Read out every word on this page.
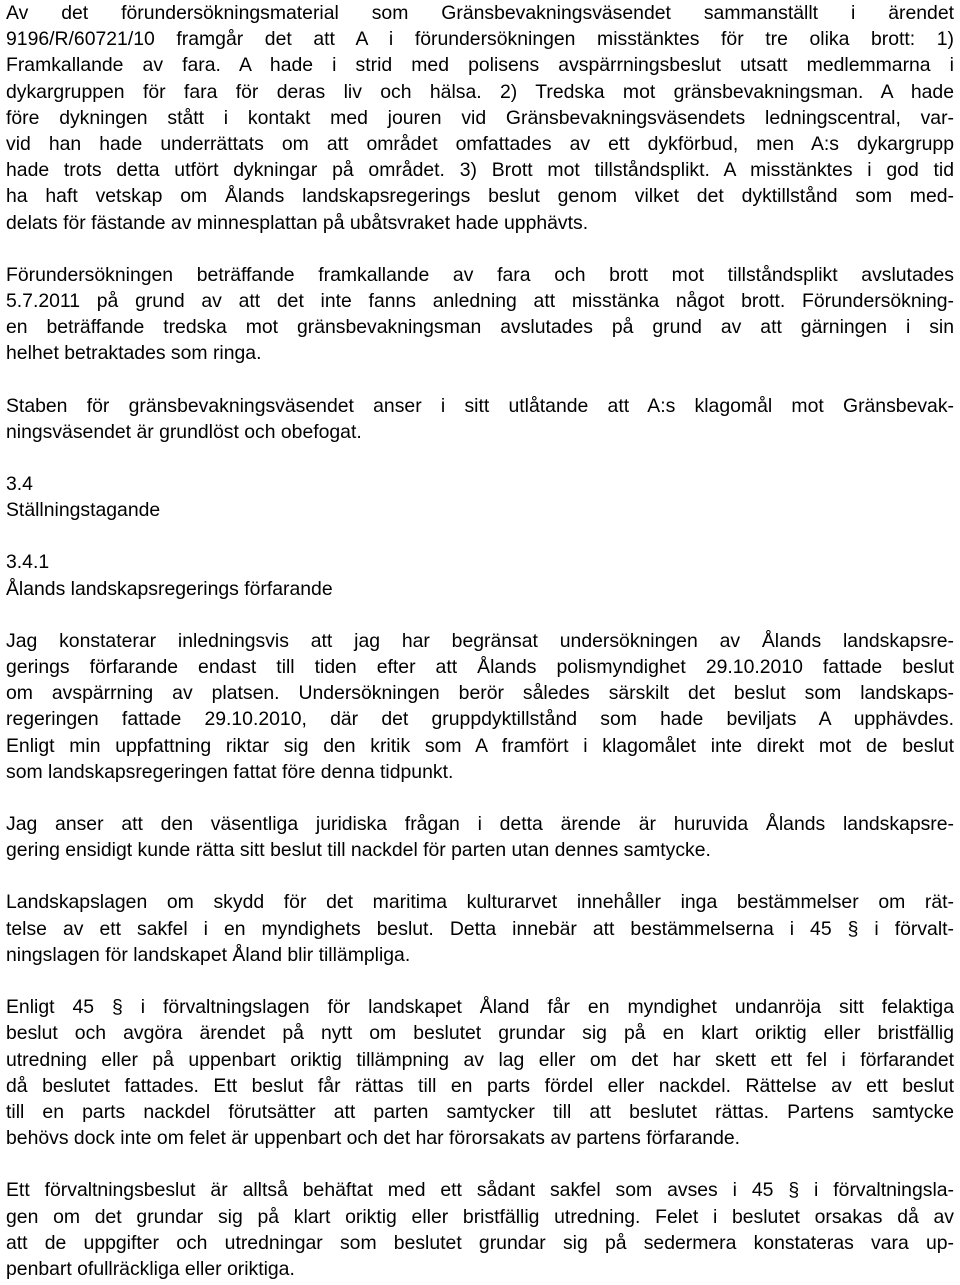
Av det förundersökningsmaterial som Gränsbevakningsväsendet sammanställt i ärendet
9196/R/60721/10 framgår det att A i förundersökningen misstänktes för tre olika brott: 1)
Framkallande av fara. A hade i strid med polisens avspärrningsbeslut utsatt medlemmarna i
dykargruppen för fara för deras liv och hälsa. 2) Tredska mot gränsbevakningsman. A hade
före dykningen stått i kontakt med jouren vid Gränsbevakningsväsendets ledningscentral, var-
vid han hade underrättats om att området omfattades av ett dykförbud, men A:s dykargrupp
hade trots detta utfört dykningar på området. 3) Brott mot tillståndsplikt. A misstänktes i god tid
ha haft vetskap om Ålands landskapsregerings beslut genom vilket det dyktillstånd som med-
delats för fästande av minnesplattan på ubåtsvraket hade upphävts.
Förundersökningen beträffande framkallande av fara och brott mot tillståndsplikt avslutades
5.7.2011 på grund av att det inte fanns anledning att misstänka något brott. Förundersökning-
en beträffande tredska mot gränsbevakningsman avslutades på grund av att gärningen i sin
helhet betraktades som ringa.
Staben för gränsbevakningsväsendet anser i sitt utlåtande att A:s klagomål mot Gränsbevak-
ningsväsendet är grundlöst och obefogat.
3.4
Ställningstagande
3.4.1
Ålands landskapsregerings förfarande
Jag konstaterar inledningsvis att jag har begränsat undersökningen av Ålands landskapsre-
gerings förfarande endast till tiden efter att Ålands polismyndighet 29.10.2010 fattade beslut
om avspärrning av platsen. Undersökningen berör således särskilt det beslut som landskaps-
regeringen fattade 29.10.2010, där det gruppdyktillstånd som hade beviljats A upphävdes.
Enligt min uppfattning riktar sig den kritik som A framfört i klagomålet inte direkt mot de beslut
som landskapsregeringen fattat före denna tidpunkt.
Jag anser att den väsentliga juridiska frågan i detta ärende är huruvida Ålands landskapsre-
gering ensidigt kunde rätta sitt beslut till nackdel för parten utan dennes samtycke.
Landskapslagen om skydd för det maritima kulturarvet innehåller inga bestämmelser om rät-
telse av ett sakfel i en myndighets beslut. Detta innebär att bestämmelserna i 45 § i förvalt-
ningslagen för landskapet Åland blir tillämpliga.
Enligt 45 § i förvaltningslagen för landskapet Åland får en myndighet undanröja sitt felaktiga
beslut och avgöra ärendet på nytt om beslutet grundar sig på en klart oriktig eller bristfällig
utredning eller på uppenbart oriktig tillämpning av lag eller om det har skett ett fel i förfarandet
då beslutet fattades. Ett beslut får rättas till en parts fördel eller nackdel. Rättelse av ett beslut
till en parts nackdel förutsätter att parten samtycker till att beslutet rättas. Partens samtycke
behövs dock inte om felet är uppenbart och det har förorsakats av partens förfarande.
Ett förvaltningsbeslut är alltså behäftat med ett sådant sakfel som avses i 45 § i förvaltningsla-
gen om det grundar sig på klart oriktig eller bristfällig utredning. Felet i beslutet orsakas då av
att de uppgifter och utredningar som beslutet grundar sig på sedermera konstateras vara up-
penbart ofullräckliga eller oriktiga.
